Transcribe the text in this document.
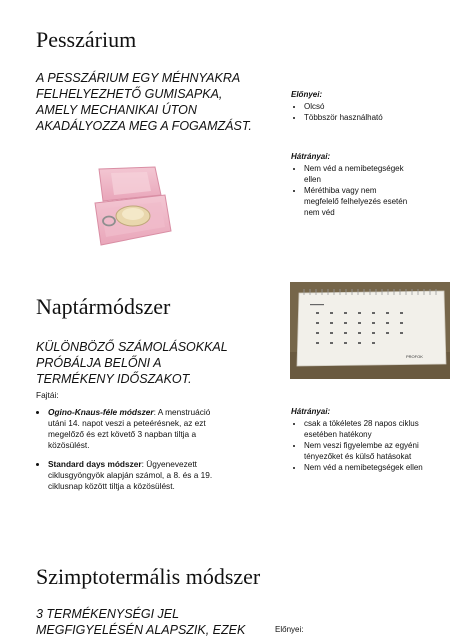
Pesszárium
A PESSZÁRIUM EGY MÉHNYAKRA FELHELYEZHETŐ GUMISAPKA, AMELY MECHANIKAI ÚTON AKADÁLYOZZA MEG A FOGAMZÁST.
Előnyei:
• Olcsó
• Többször használható
Hátrányai:
• Nem véd a nemibetegségek ellen
• Méréthiba vagy nem megfelelő felhelyezés esetén nem véd
Naptármódszer
KÜLÖNBÖZŐ SZÁMOLÁSOKKAL PRÓBÁLJA BELŐNI A TERMÉKENY IDŐSZAKOT.
Fajtái:
• Ogino-Knaus-féle módszer: A menstruáció utáni 14. napot veszi a peteérésnek, az ezt megelőző és ezt követő 3 napban tiltja a közösülést.
• Standard days módszer: Ügyenevezett ciklusgyöngyök alapján számol, a 8. és a 19. ciklusnap között tiltja a közösülést.
Hátrányai:
• csak a tökéletes 28 napos ciklus esetében hatékony
• Nem veszi figyelembe az egyéni tényezőket és külső hatásokat
• Nem véd a nemibetegségek ellen
PROFOK
Szimptotermális módszer
3 TERMÉKENYSÉGI JEL MEGFIGYELÉSÉN ALAPSZIK, EZEK	Előnyei:
